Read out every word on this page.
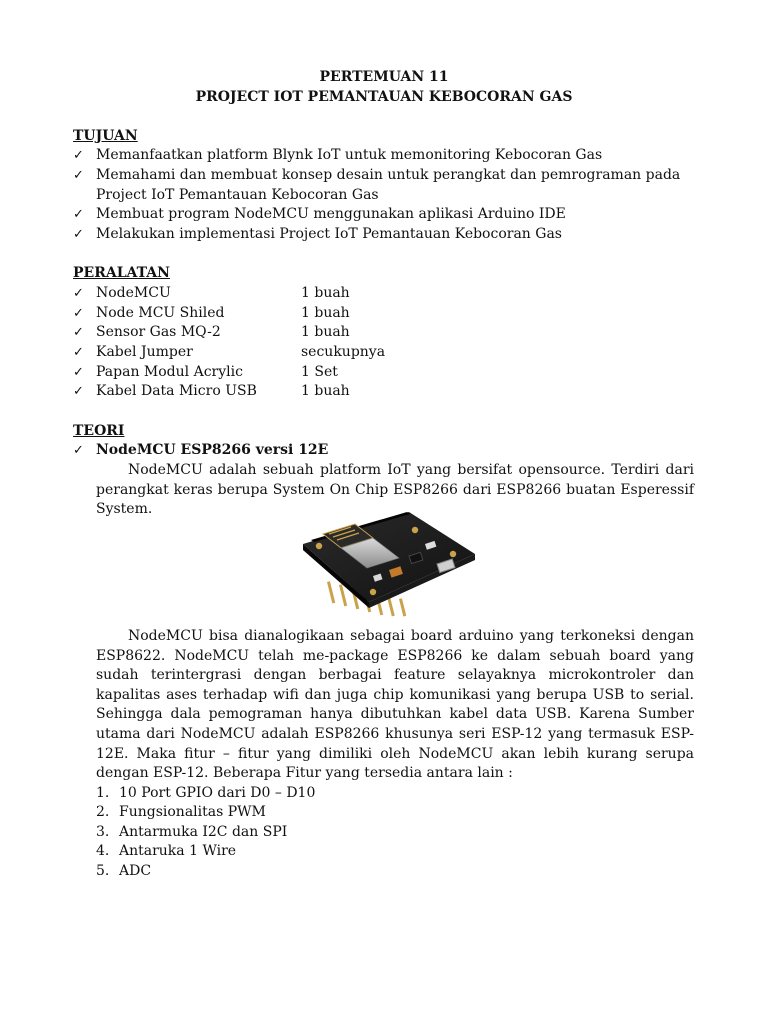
PERTEMUAN 11
PROJECT IOT PEMANTAUAN KEBOCORAN GAS
TUJUAN
✓ Memanfaatkan platform Blynk IoT untuk memonitoring Kebocoran Gas
✓ Memahami dan membuat konsep desain untuk perangkat dan pemrograman pada Project IoT Pemantauan Kebocoran Gas
✓ Membuat program NodeMCU menggunakan aplikasi Arduino IDE
✓ Melakukan implementasi Project IoT Pemantauan Kebocoran Gas
PERALATAN
✓ NodeMCU	1 buah
✓ Node MCU Shiled	1 buah
✓ Sensor Gas MQ-2	1 buah
✓ Kabel Jumper	secukupnya
✓ Papan Modul Acrylic	1 Set
✓ Kabel Data Micro USB	1 buah
TEORI
✓ NodeMCU ESP8266 versi 12E
NodeMCU adalah sebuah platform IoT yang bersifat opensource. Terdiri dari perangkat keras berupa System On Chip ESP8266 dari ESP8266 buatan Esperessif System.
NodeMCU bisa dianalogikaan sebagai board arduino yang terkoneksi dengan ESP8622. NodeMCU telah me-package ESP8266 ke dalam sebuah board yang sudah terintergrasi dengan berbagai feature selayaknya microkontroler dan kapalitas ases terhadap wifi dan juga chip komunikasi yang berupa USB to serial. Sehingga dala pemograman hanya dibutuhkan kabel data USB. Karena Sumber utama dari NodeMCU adalah ESP8266 khusunya seri ESP-12 yang termasuk ESP-12E. Maka fitur – fitur yang dimiliki oleh NodeMCU akan lebih kurang serupa dengan ESP-12. Beberapa Fitur yang tersedia antara lain :
1. 10 Port GPIO dari D0 – D10
2. Fungsionalitas PWM
3. Antarmuka I2C dan SPI
4. Antaruka 1 Wire
5. ADC
